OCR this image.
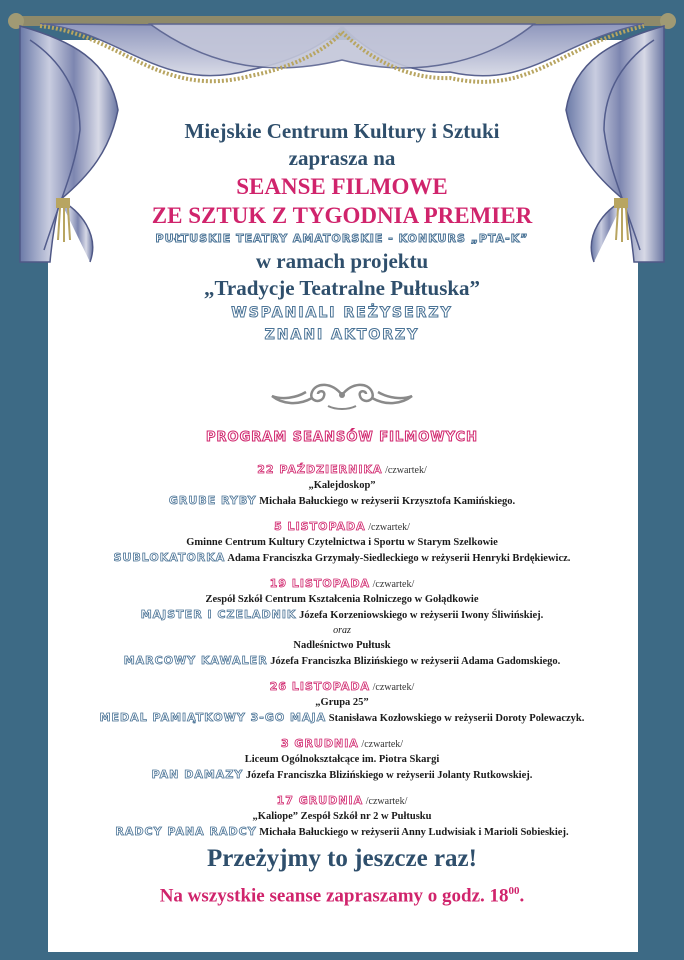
Miejskie Centrum Kultury i Sztuki
zaprasza na
SEANSE FILMOWE
ZE SZTUK Z TYGODNIA PREMIER
PUŁTUSKIE TEATRY AMATORSKIE - KONKURS „PTA-K”
w ramach projektu
„Tradycje Teatralne Pułtuska”
WSPANIALI REŻYSERZY
ZNANI AKTORZY
PROGRAM SEANSÓW FILMOWYCH
22 PAŹDZIERNIKA /czwartek/
„Kalejdoskop”
GRUBE RYBY Michała Bałuckiego w reżyserii Krzysztofa Kamińskiego.
5 LISTOPADA /czwartek/
Gminne Centrum Kultury Czytelnictwa i Sportu w Starym Szelkowie
SUBLOKATORKA Adama Franciszka Grzymały-Siedleckiego w reżyserii Henryki Brdękiewicz.
19 LISTOPADA /czwartek/
Zespół Szkół Centrum Kształcenia Rolniczego w Gołądkowie
MAJSTER I CZELADNIK Józefa Korzeniowskiego w reżyserii Iwony Śliwińskiej.
oraz
Nadleśnictwo Pułtusk
MARCOWY KAWALER Józefa Franciszka Blizińskiego w reżyserii Adama Gadomskiego.
26 LISTOPADA /czwartek/
„Grupa 25”
MEDAL PAMIĄTKOWY 3-GO MAJA Stanisława Kozłowskiego w reżyserii Doroty Polewaczyk.
3 GRUDNIA /czwartek/
Liceum Ogólnokształcące im. Piotra Skargi
PAN DAMAZY Józefa Franciszka Blizińskiego w reżyserii Jolanty Rutkowskiej.
17 GRUDNIA /czwartek/
„Kaliope” Zespół Szkół nr 2 w Pułtusku
RADCY PANA RADCY Michała Bałuckiego w reżyserii Anny Ludwisiak i Marioli Sobieskiej.
Przeżyjmy to jeszcze raz!
Na wszystkie seanse zapraszamy o godz. $18^{00}$.
